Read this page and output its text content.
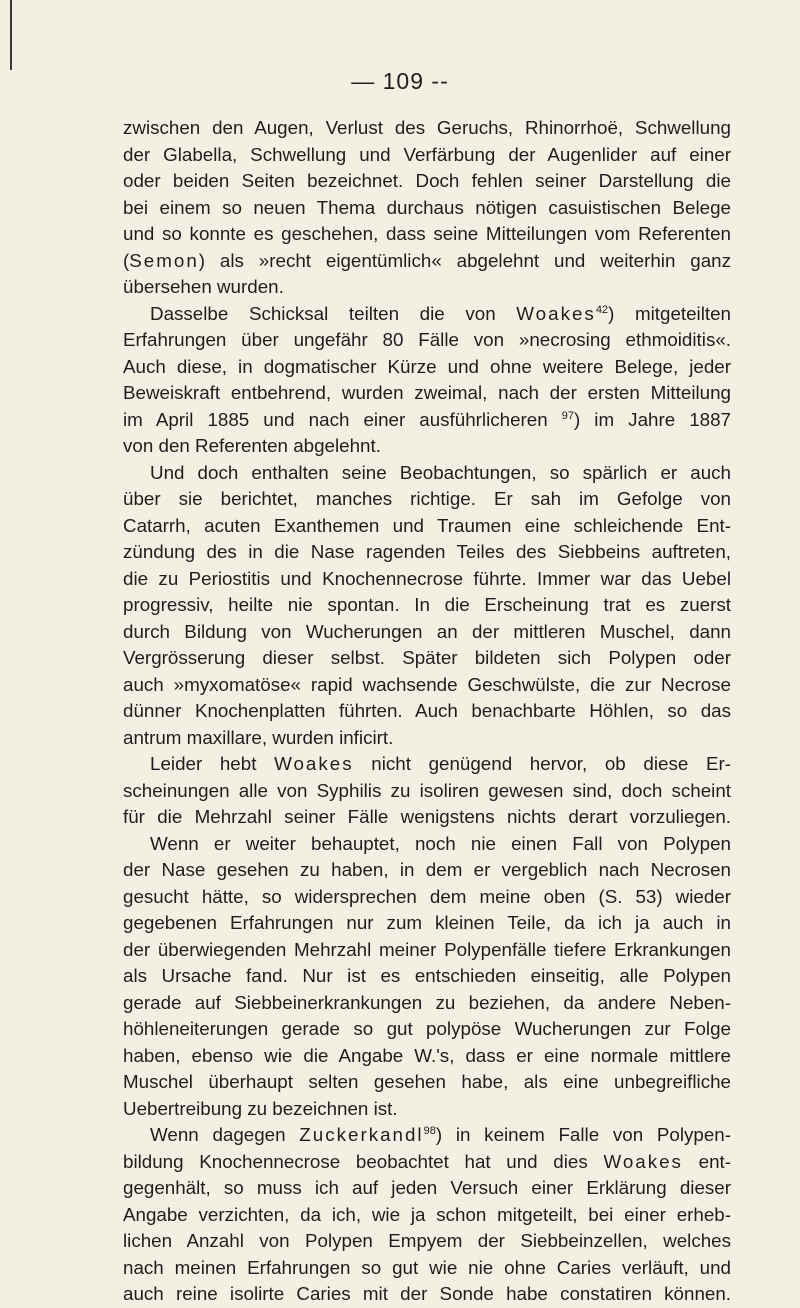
— 109 --
zwischen den Augen, Verlust des Geruchs, Rhinorrhoë, Schwellung
der Glabella, Schwellung und Verfärbung der Augenlider auf einer
oder beiden Seiten bezeichnet. Doch fehlen seiner Darstellung die
bei einem so neuen Thema durchaus nötigen casuistischen Belege
und so konnte es geschehen, dass seine Mitteilungen vom Referenten
(Semon) als »recht eigentümlich« abgelehnt und weiterhin ganz
übersehen wurden.
Dasselbe Schicksal teilten die von Woakes$^{42}$) mitgeteilten
Erfahrungen über ungefähr 80 Fälle von »necrosing ethmoiditis«.
Auch diese, in dogmatischer Kürze und ohne weitere Belege, jeder
Beweiskraft entbehrend, wurden zweimal, nach der ersten Mitteilung
im April 1885 und nach einer ausführlicheren $^{97}$) im Jahre 1887
von den Referenten abgelehnt.
Und doch enthalten seine Beobachtungen, so spärlich er auch
über sie berichtet, manches richtige. Er sah im Gefolge von
Catarrh, acuten Exanthemen und Traumen eine schleichende Ent-
zündung des in die Nase ragenden Teiles des Siebbeins auftreten,
die zu Periostitis und Knochennecrose führte. Immer war das Uebel
progressiv, heilte nie spontan. In die Erscheinung trat es zuerst
durch Bildung von Wucherungen an der mittleren Muschel, dann
Vergrösserung dieser selbst. Später bildeten sich Polypen oder
auch »myxomatöse« rapid wachsende Geschwülste, die zur Necrose
dünner Knochenplatten führten. Auch benachbarte Höhlen, so das
antrum maxillare, wurden inficirt.
Leider hebt Woakes nicht genügend hervor, ob diese Er-
scheinungen alle von Syphilis zu isoliren gewesen sind, doch scheint
für die Mehrzahl seiner Fälle wenigstens nichts derart vorzuliegen.
Wenn er weiter behauptet, noch nie einen Fall von Polypen
der Nase gesehen zu haben, in dem er vergeblich nach Necrosen
gesucht hätte, so widersprechen dem meine oben (S. 53) wieder
gegebenen Erfahrungen nur zum kleinen Teile, da ich ja auch in
der überwiegenden Mehrzahl meiner Polypenfälle tiefere Erkrankungen
als Ursache fand. Nur ist es entschieden einseitig, alle Polypen
gerade auf Siebbeinerkrankungen zu beziehen, da andere Neben-
höhleneiterungen gerade so gut polypöse Wucherungen zur Folge
haben, ebenso wie die Angabe W.'s, dass er eine normale mittlere
Muschel überhaupt selten gesehen habe, als eine unbegreifliche
Uebertreibung zu bezeichnen ist.
Wenn dagegen Zuckerkandl$^{98}$) in keinem Falle von Polypen-
bildung Knochennecrose beobachtet hat und dies Woakes ent-
gegenhält, so muss ich auf jeden Versuch einer Erklärung dieser
Angabe verzichten, da ich, wie ja schon mitgeteilt, bei einer erheb-
lichen Anzahl von Polypen Empyem der Siebbeinzellen, welches
nach meinen Erfahrungen so gut wie nie ohne Caries verläuft, und
auch reine isolirte Caries mit der Sonde habe constatiren können.
